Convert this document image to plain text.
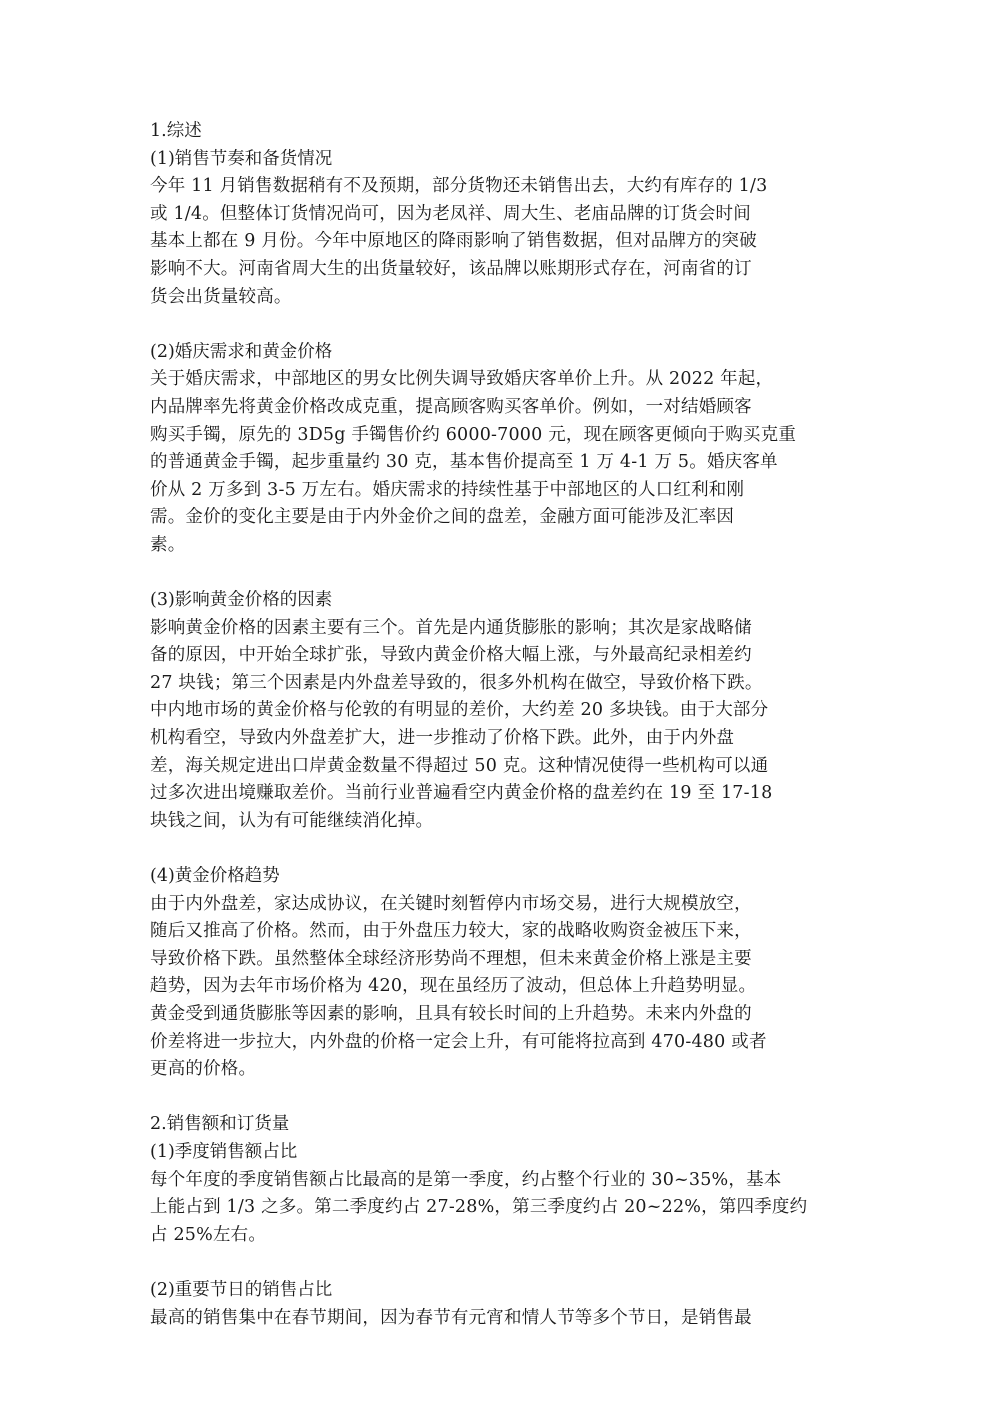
1.综述
(1)销售节奏和备货情况
今年 11 月销售数据稍有不及预期，部分货物还未销售出去，大约有库存的 1/3
或 1/4。但整体订货情况尚可，因为老凤祥、周大生、老庙品牌的订货会时间
基本上都在 9 月份。今年中原地区的降雨影响了销售数据，但对品牌方的突破
影响不大。河南省周大生的出货量较好，该品牌以账期形式存在，河南省的订
货会出货量较高。
(2)婚庆需求和黄金价格
关于婚庆需求，中部地区的男女比例失调导致婚庆客单价上升。从 2022 年起，
内品牌率先将黄金价格改成克重，提高顾客购买客单价。例如，一对结婚顾客
购买手镯，原先的 3D5g 手镯售价约 6000-7000 元，现在顾客更倾向于购买克重
的普通黄金手镯，起步重量约 30 克，基本售价提高至 1 万 4-1 万 5。婚庆客单
价从 2 万多到 3-5 万左右。婚庆需求的持续性基于中部地区的人口红利和刚
需。金价的变化主要是由于内外金价之间的盘差，金融方面可能涉及汇率因
素。
(3)影响黄金价格的因素
影响黄金价格的因素主要有三个。首先是内通货膨胀的影响；其次是家战略储
备的原因，中开始全球扩张，导致内黄金价格大幅上涨，与外最高纪录相差约
27 块钱；第三个因素是内外盘差导致的，很多外机构在做空，导致价格下跌。
中内地市场的黄金价格与伦敦的有明显的差价，大约差 20 多块钱。由于大部分
机构看空，导致内外盘差扩大，进一步推动了价格下跌。此外，由于内外盘
差，海关规定进出口岸黄金数量不得超过 50 克。这种情况使得一些机构可以通
过多次进出境赚取差价。当前行业普遍看空内黄金价格的盘差约在 19 至 17-18
块钱之间，认为有可能继续消化掉。
(4)黄金价格趋势
由于内外盘差，家达成协议，在关键时刻暂停内市场交易，进行大规模放空，
随后又推高了价格。然而，由于外盘压力较大，家的战略收购资金被压下来，
导致价格下跌。虽然整体全球经济形势尚不理想，但未来黄金价格上涨是主要
趋势，因为去年市场价格为 420，现在虽经历了波动，但总体上升趋势明显。
黄金受到通货膨胀等因素的影响，且具有较长时间的上升趋势。未来内外盘的
价差将进一步拉大，内外盘的价格一定会上升，有可能将拉高到 470-480 或者
更高的价格。
2.销售额和订货量
(1)季度销售额占比
每个年度的季度销售额占比最高的是第一季度，约占整个行业的 30~35%，基本
上能占到 1/3 之多。第二季度约占 27-28%，第三季度约占 20~22%，第四季度约
占 25%左右。
(2)重要节日的销售占比
最高的销售集中在春节期间，因为春节有元宵和情人节等多个节日，是销售最
